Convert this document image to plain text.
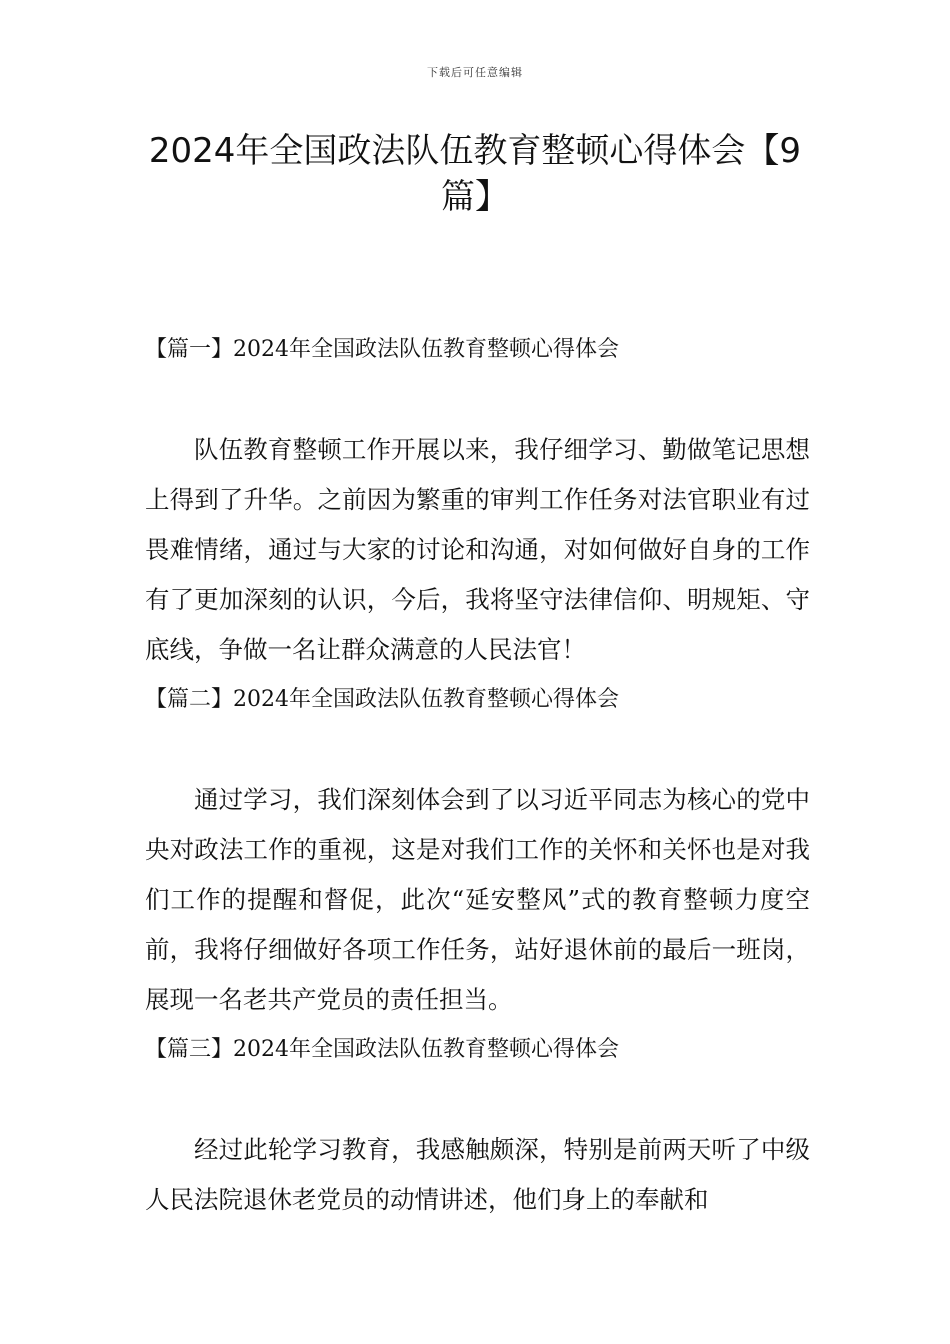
下载后可任意编辑
2024年全国政法队伍教育整顿心得体会【9篇】

【篇一】2024年全国政法队伍教育整顿心得体会

队伍教育整顿工作开展以来，我仔细学习、勤做笔记思想上得到了升华。之前因为繁重的审判工作任务对法官职业有过畏难情绪，通过与大家的讨论和沟通，对如何做好自身的工作有了更加深刻的认识，今后，我将坚守法律信仰、明规矩、守底线，争做一名让群众满意的人民法官！

【篇二】2024年全国政法队伍教育整顿心得体会

通过学习，我们深刻体会到了以习近平同志为核心的党中央对政法工作的重视，这是对我们工作的关怀和关怀也是对我们工作的提醒和督促，此次“延安整风”式的教育整顿力度空前，我将仔细做好各项工作任务，站好退休前的最后一班岗，展现一名老共产党员的责任担当。

【篇三】2024年全国政法队伍教育整顿心得体会

经过此轮学习教育，我感触颇深，特别是前两天听了中级人民法院退休老党员的动情讲述，他们身上的奉献和
